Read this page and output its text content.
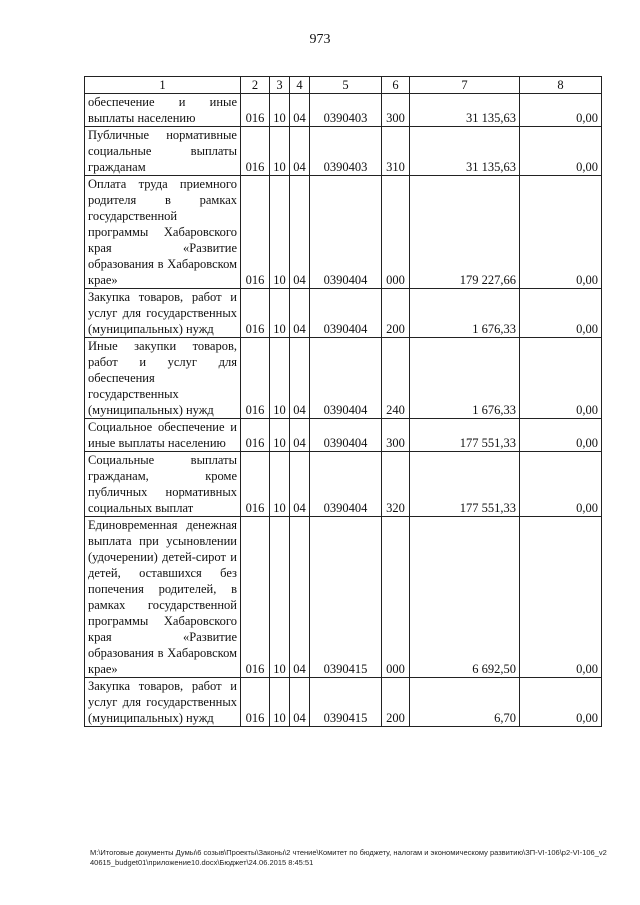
973
1	2	3	4	5	6	7	8
обеспечение и иные выплаты населению	016	10	04	0390403	300	31 135,63	0,00
Публичные нормативные социальные выплаты гражданам	016	10	04	0390403	310	31 135,63	0,00
Оплата труда приемного родителя в рамках государственной программы Хабаровского края «Развитие образования в Хабаровском крае»	016	10	04	0390404	000	179 227,66	0,00
Закупка товаров, работ и услуг для государственных (муниципальных) нужд	016	10	04	0390404	200	1 676,33	0,00
Иные закупки товаров, работ и услуг для обеспечения государственных (муниципальных) нужд	016	10	04	0390404	240	1 676,33	0,00
Социальное обеспечение и иные выплаты населению	016	10	04	0390404	300	177 551,33	0,00
Социальные выплаты гражданам, кроме публичных нормативных социальных выплат	016	10	04	0390404	320	177 551,33	0,00
Единовременная денежная выплата при усыновлении (удочерении) детей-сирот и детей, оставшихся без попечения родителей, в рамках государственной программы Хабаровского края «Развитие образования в Хабаровском крае»	016	10	04	0390415	000	6 692,50	0,00
Закупка товаров, работ и услуг для государственных (муниципальных) нужд	016	10	04	0390415	200	6,70	0,00
M:\Итоговые документы Думы\6 созыв\Проекты\Законы\2 чтение\Комитет по бюджету, налогам и экономическому развитию\ЗП-VI-106\р2-VI-106_v240615_budget01\приложение10.docx\Бюджет\24.06.2015 8:45:51
